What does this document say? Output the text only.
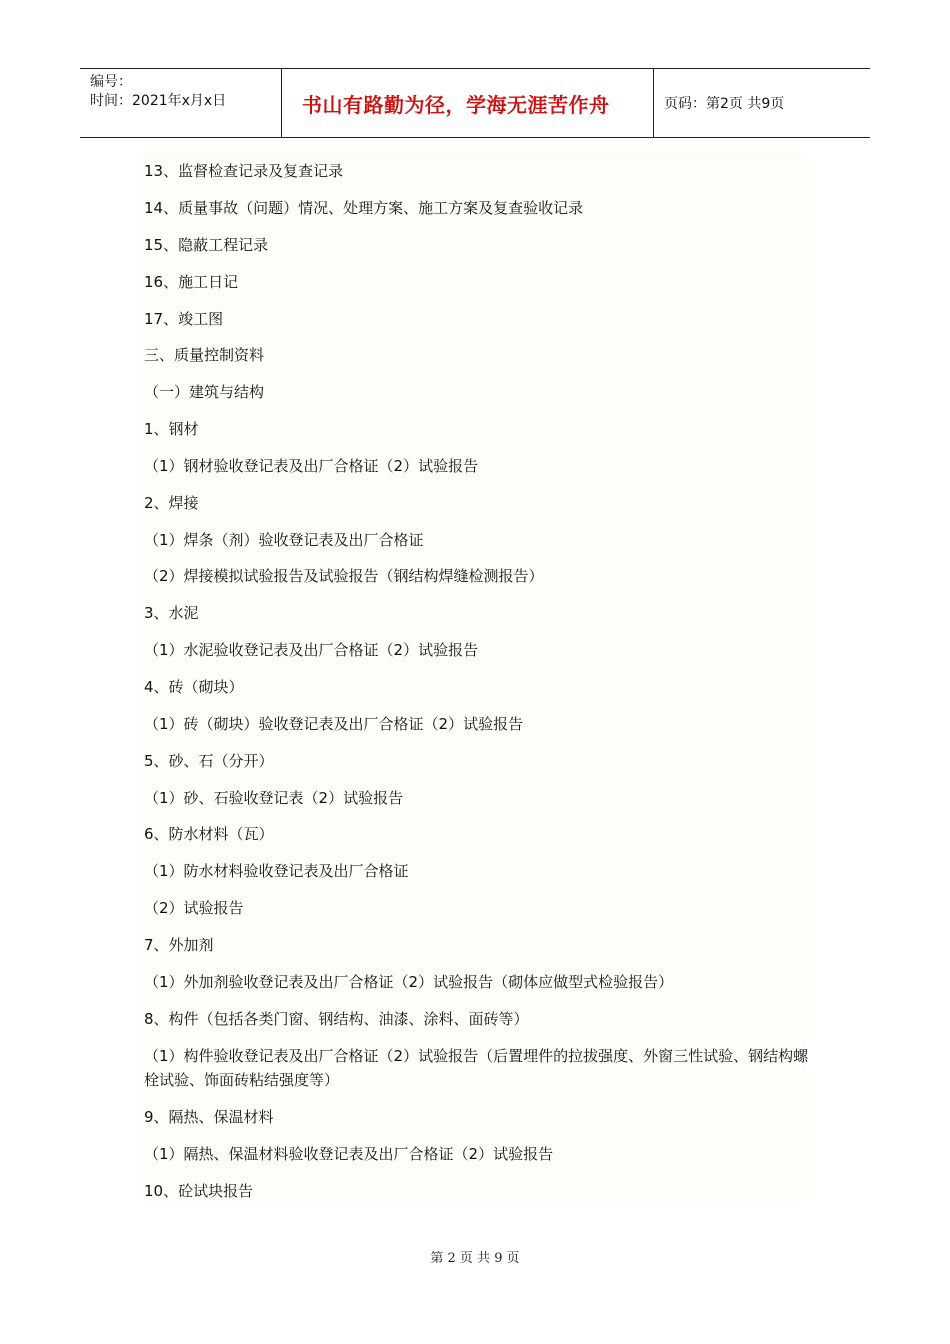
编号：
时间：2021年x月x日	书山有路勤为径，学海无涯苦作舟	页码：第2页 共9页
13、监督检查记录及复查记录
14、质量事故（问题）情况、处理方案、施工方案及复查验收记录
15、隐蔽工程记录
16、施工日记
17、竣工图
三、质量控制资料
（一）建筑与结构
1、钢材
（1）钢材验收登记表及出厂合格证（2）试验报告
2、焊接
（1）焊条（剂）验收登记表及出厂合格证
（2）焊接模拟试验报告及试验报告（钢结构焊缝检测报告）
3、水泥
（1）水泥验收登记表及出厂合格证（2）试验报告
4、砖（砌块）
（1）砖（砌块）验收登记表及出厂合格证（2）试验报告
5、砂、石（分开）
（1）砂、石验收登记表（2）试验报告
6、防水材料（瓦）
（1）防水材料验收登记表及出厂合格证
（2）试验报告
7、外加剂
（1）外加剂验收登记表及出厂合格证（2）试验报告（砌体应做型式检验报告）
8、构件（包括各类门窗、钢结构、油漆、涂料、面砖等）
（1）构件验收登记表及出厂合格证（2）试验报告（后置埋件的拉拔强度、外窗三性试验、钢结构螺栓试验、饰面砖粘结强度等）
9、隔热、保温材料
（1）隔热、保温材料验收登记表及出厂合格证（2）试验报告
10、砼试块报告
第 2 页 共 9 页
